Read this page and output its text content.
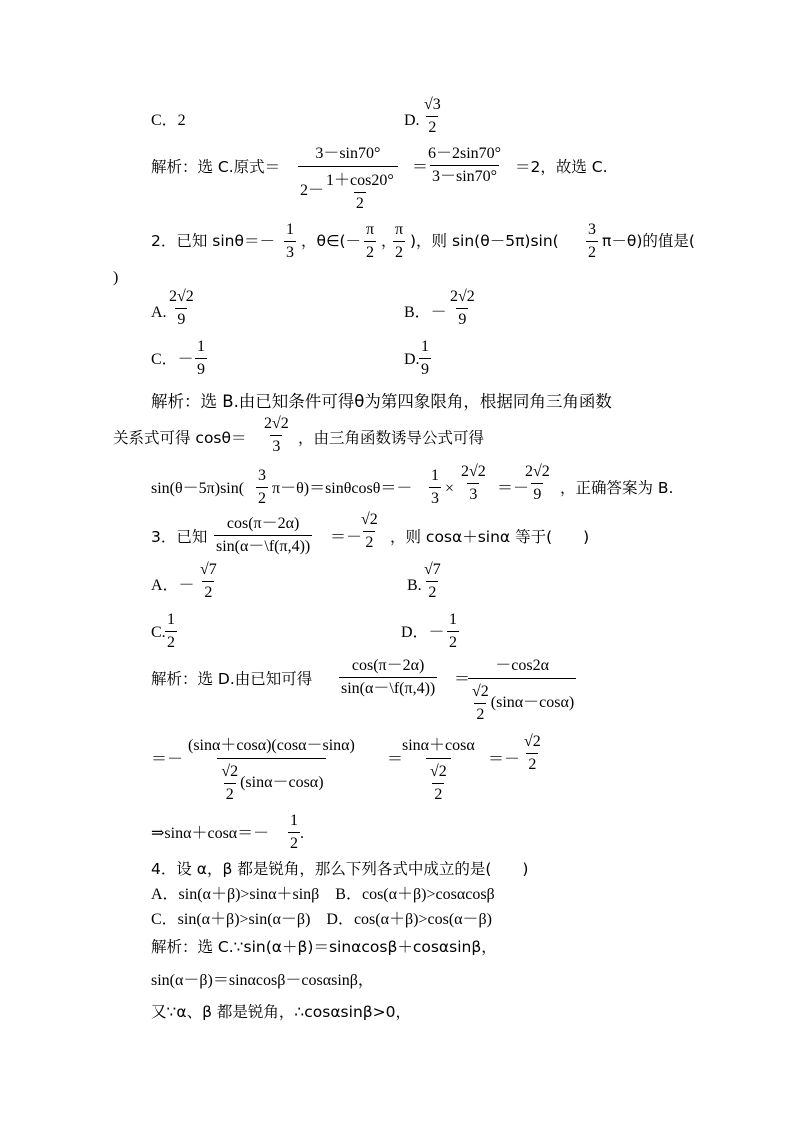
C．2	D. $\frac{√3}{2}$
解析：选 C.原式＝ $\frac{3-\sin 70^\circ}{2- \frac{1+\cos 20^\circ}{2}}$ ＝
$\frac{6-2\sin 70^\circ}{3-\sin 70^\circ} =2$，故选 C.
2．已知 $\sin\theta=- \frac{1}{3}$ ，θ∈(－ $\frac{\pi}{2}$ ，
$\frac{\pi}{2}$ )，则 $\sin(\theta-5\pi)\sin( \frac{3}{2} \pi-\theta)$的值是(
)
A. $\frac{2√2}{9}$	B．－ $\frac{2√2}{9}$
C．－ $\frac{1}{9}$	D. $\frac{1}{9}$
解析：选 B.由已知条件可得θ为第四象限角，根据同角三角函数
关系式可得 $\cos\theta= \frac{2√2}{3}$ ，由三角函数诱导公式可得
$\sin(\theta-5\pi)\sin( \frac{3}{2} \pi-\theta)=\sin\theta\cos\theta=- \frac{1}{3} \times \frac{2√2}{3}$ ＝－
$\frac{2√2}{9}$ ，正确答案为 B.
3．已知 $\frac{\cos(\pi-2\alpha)}{\sin(\alpha-\backslash f(\pi,4))}$ ＝－
$\frac{√2}{2}$ ，则 cosα＋sinα 等于(　　)
A．－ $\frac{√7}{2}$	B. $\frac{√7}{2}$
C. $\frac{1}{2}$	D．－ $\frac{1}{2}$
解析：选 D.由已知可得 $\frac{\cos(\pi-2\alpha)}{\sin(\alpha-\backslash f(\pi,4))}$ ＝
$\frac{-\cos 2\alpha}{\frac{√2}{2} (\sin\alpha-\cos\alpha)}$
＝－ $\frac{(\sin\alpha+\cos\alpha)(\cos\alpha-\sin\alpha)}{\frac{√2}{2} (\sin\alpha-\cos\alpha)}$ ＝
$\frac{\sin\alpha+\cos\alpha}{\frac{√2}{2}} =- \frac{√2}{2}$
⇒sinα＋cosα＝－ $\frac{1}{2}$ .
4．设 α，β 都是锐角，那么下列各式中成立的是(　　)
A．sin(α＋β)>sinα＋sinβ　B．cos(α＋β)>cosαcosβ
C．sin(α＋β)>sin(α－β)　D．cos(α＋β)>cos(α－β)
解析：选 C.∵sin(α＋β)＝sinαcosβ＋cosαsinβ，
sin(α－β)＝sinαcosβ－cosαsinβ，
又∵α、β 都是锐角，∴cosαsinβ>0，
